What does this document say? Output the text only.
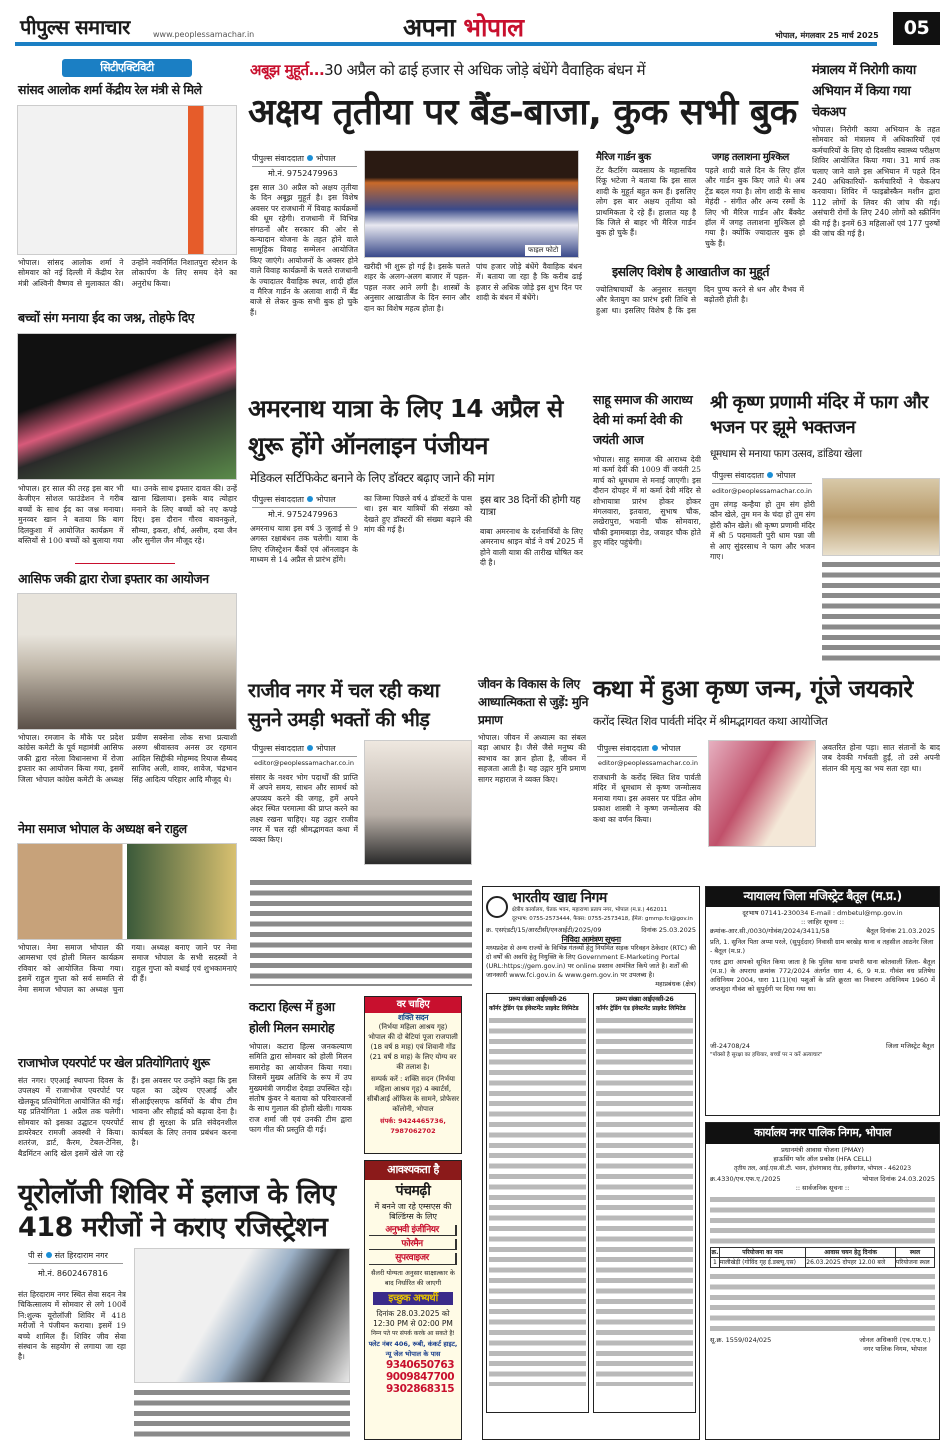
पीपुल्स समाचार	www.peoplessamachar.in	अपना भोपाल	भोपाल, मंगलवार 25 मार्च 2025	05
सिटीएक्टिविटी
सांसद आलोक शर्मा केंद्रीय रेल मंत्री से मिले
भोपाल। सांसद आलोक शर्मा ने सोमवार को नई दिल्ली में केंद्रीय रेल मंत्री अश्विनी वैष्णव से मुलाकात की। उन्होंने नवनिर्मित निशातपुरा स्टेशन के लोकार्पण के लिए समय देने का अनुरोध किया।
बच्चों संग मनाया ईद का जश्न, तोहफे दिए
भोपाल। हर साल की तरह इस बार भी केजीएन सोशल फाउंडेशन ने गरीब बच्चों के साथ ईद का जश्न मनाया। मुनव्वर खान ने बताया कि बाग दिलकुशा में आयोजित कार्यक्रम में बस्तियों से 100 बच्चों को बुलाया गया था। उनके साथ इफ्तार दावत की। उन्हें खाना खिलाया। इसके बाद त्योहार मनाने के लिए बच्चों को नए कपड़े दिए। इस दौरान गौरव बावनकुले, सौम्या, इकरा, शौर्य, असीम, दया जैन और सुनील जैन मौजूद रहे।
आसिफ जकी द्वारा रोजा इफ्तार का आयोजन
भोपाल। रमजान के मौके पर प्रदेश कांग्रेस कमेटी के पूर्व महामंत्री आसिफ जकी द्वारा नरेला विधानसभा में रोजा इफ्तार का आयोजन किया गया, इसमें जिला भोपाल कांग्रेस कमेटी के अध्यक्ष प्रवीण सक्सेना लोक सभा प्रत्याशी अरुण श्रीवास्तव अनस उर रहमान आदिल सिद्दीकी मोहम्मद रियाज सैय्यद साजिद अली, शावर, शावेज, चंद्रभान सिंह आदित्य परिहार आदि मौजूद थे।
नेमा समाज भोपाल के अध्यक्ष बने राहुल
भोपाल। नेमा समाज भोपाल की आमसभा एवं होली मिलन कार्यक्रम रविवार को आयोजित किया गया। इसमें राहुल गुप्ता को सर्व सम्मति से नेमा समाज भोपाल का अध्यक्ष चुना गया। अध्यक्ष बनाए जाने पर नेमा समाज भोपाल के सभी सदस्यों ने राहुल गुप्ता को बधाई एवं शुभकामनाएं दी हैं।
राजाभोज एयरपोर्ट पर खेल प्रतियोगिताएं शुरू
संत नगर। एएआई स्थापना दिवस के उपलक्ष्य में राजाभोज एयरपोर्ट पर खेलकूद प्रतियोगिता आयोजित की गई। यह प्रतियोगिता 1 अप्रैल तक चलेगी। सोमवार को इसका उद्घाटन एयरपोर्ट डायरेक्टर रामजी अवस्थी ने किया। शतरंज, डार्ट, कैरम, टेबल-टेनिस, बैडमिंटन आदि खेल इसमें खेले जा रहे हैं। इस अवसर पर उन्होंने कहा कि इस पहल का उद्देश्य एएआई और सीआईएसएफ कर्मियों के बीच टीम भावना और सौहार्द्र को बढ़ावा देना है। साथ ही सुरक्षा के प्रति संवेदनशील कार्यबल के लिए तनाव प्रबंधन करना है।
यूरोलॉजी शिविर में इलाज के लिए 418 मरीजों ने कराए रजिस्ट्रेशन
पी सं संत हिरदाराम नगर
मो.नं. 8602467816
संत हिरदाराम नगर स्थित सेवा सदन नेत्र चिकित्सालय में सोमवार से लगे 100वें नि:शुल्क यूरोलॉजी शिविर में 418 मरीजों ने पंजीयन कराया। इसमें 19 बच्चे शामिल हैं। शिविर जीव सेवा संस्थान के सहयोग से लगाया जा रहा है।
कटारा हिल्स में हुआ होली मिलन समारोह
भोपाल। कटारा हिल्स जनकल्याण समिति द्वारा सोमवार को होली मिलन समारोह का आयोजन किया गया। जिसमें मुख्य अतिथि के रूप में उप मुख्यमंत्री जगदीश देवड़ा उपस्थित रहे। संतोष कुंवर ने बताया को परिवारजनों के साथ गुलाल की होली खेली। गायक राज शर्मा जी एवं उनकी टीम द्वारा फाग गीत की प्रस्तुति दी गई।
वर चाहिए
शक्ति सदन
(निर्भया महिला आश्रय गृह)
भोपाल की दो बेटियां पूजा राजपाली (18 वर्ष 8 माह) एवं शिवानी गोंड (21 वर्ष 8 माह) के लिए योग्य वर की तलाश है।
सम्पर्क करें : शक्ति सदन (निर्भया महिला आश्रय गृह) 4 क्वार्टर्स, सीबीआई ऑफिस के सामने, प्रोफेसर कॉलोनी, भोपाल
संपर्क: 9424465736, 7987062702
आवश्यकता है
पंचमढ़ी
में बनने जा रहे एम्सएस की बिल्डिंग्स के लिए
अनुभवी इंजीनियर
फोरमैन
सुपरवाइजर
सैलरी योग्यता अनुसार साक्षात्कार के बाद निर्धारित की जाएगी
इच्छुक अभ्यर्थी
दिनांक 28.03.2025 को
12:30 PM से 02:00 PM
निम्न पते पर संपर्क करके आ सकते है!
फ्लेट नंबर 406, रूबी, कंकर्ट हाइट, न्यू जेल भोपाल के पास
9340650763
9009847700
9302868315
अबूझ मुहूर्त...30 अप्रैल को ढाई हजार से अधिक जोड़े बंधेंगे वैवाहिक बंधन में
अक्षय तृतीया पर बैंड-बाजा, कुक सभी बुक
पीपुल्स संवाददाता भोपाल
मो.नं. 9752479963
इस साल 30 अप्रैल को अक्षय तृतीया के दिन अबूझ मुहूर्त है। इस विशेष अवसर पर राजधानी में विवाह कार्यक्रमों की धूम रहेगी। राजधानी में विभिन्न संगठनों और सरकार की ओर से कन्यादान योजना के तहत होने वाले सामूहिक विवाह सम्मेलन आयोजित किए जाएंगे। आयोजनों के अवसर होने वाले विवाह कार्यक्रमों के चलते राजधानी के ज्यादातर वैवाहिक स्थल, शादी हॉल व मैरिज गार्डन के अलावा शादी में बैंड बाजे से लेकर कुक सभी बुक हो चुके हैं।
फाइल फोटो
खरीदी भी शुरू हो गई है। इसके चलते शहर के अलग-अलग बाजार में पहल-पहल नजर आने लगी है। शास्त्रों के अनुसार आखातीज के दिन स्नान और दान का विशेष महत्व होता है।
पांच हजार जोड़े बंधेंगे वैवाहिक बंधन में। बताया जा रहा है कि करीब ढाई हजार से अधिक जोड़े इस शुभ दिन पर शादी के बंधन में बंधेंगे।
मैरिज गार्डन बुक
टेंट कैटरिंग व्यवसाय के महासचिव रिंकू भटेजा ने बताया कि इस साल शादी के मुहूर्त बहुत कम हैं। इसलिए लोग इस बार अक्षय तृतीया को प्राथमिकता दे रहे हैं। हालात यह है कि जिले से बाहर भी मैरिज गार्डन बुक हो चुके हैं।
जगह तलाशना मुश्किल
पहले शादी वाले दिन के लिए हॉल और गार्डन बुक किए जाते थे। अब ट्रेंड बदल गया है। लोग शादी के साथ मेहंदी - संगीत और अन्य रस्मों के लिए भी मैरिज गार्डन और बैंक्वेट हॉल में जगह तलाशना मुश्किल हो गया है। क्योंकि ज्यादातर बुक हो चुके हैं।
इसलिए विशेष है आखातीज का मुहूर्त
ज्योतिषाचार्यों के अनुसार सतयुग और त्रेतायुग का प्रारंभ इसी तिथि से हुआ था। इसलिए विशेष है कि इस दिन पुण्य करने से धन और वैभव में बढ़ोतरी होती है।
मंत्रालय में निरोगी काया अभियान में किया गया चेकअप
भोपाल। निरोगी काया अभियान के तहत सोमवार को मंत्रालय में अधिकारियों एवं कर्मचारियों के लिए दो दिवसीय स्वास्थ्य परीक्षण शिविर आयोजित किया गया। 31 मार्च तक चलाए जाने वाले इस अभियान में पहले दिन 240 अधिकारियों- कर्मचारियों ने चेकअप करवाया। शिविर में फाइब्रोस्कैन मशीन द्वारा 112 लोगों के लिवर की जांच की गई। असंचारी रोगों के लिए 240 लोगों को स्क्रीनिंग की गई है। इनमें 63 महिलाओं एवं 177 पुरुषों की जांच की गई है।
अमरनाथ यात्रा के लिए 14 अप्रैल से शुरू होंगे ऑनलाइन पंजीयन
मेडिकल सर्टिफिकेट बनाने के लिए डॉक्टर बढ़ाए जाने की मांग
पीपुल्स संवाददाता भोपाल
मो.नं. 9752479963
अमरनाथ यात्रा इस वर्ष 3 जुलाई से 9 अगस्त रक्षाबंधन तक चलेगी। यात्रा के लिए रजिस्ट्रेशन बैंकों एवं ऑनलाइन के माध्यम से 14 अप्रैल से प्रारंभ होंगे।
का जिम्मा पिछले वर्ष 4 डॉक्टरों के पास था। इस बार यात्रियों की संख्या को देखते हुए डॉक्टरों की संख्या बढ़ाने की मांग की गई है।
इस बार 38 दिनों की होगी यह यात्रा
बाबा अमरनाथ के दर्शनार्थियों के लिए अमरनाथ श्राइन बोर्ड ने वर्ष 2025 में होने वाली यात्रा की तारीख घोषित कर दी है।
साहू समाज की आराध्य देवी मां कर्मा देवी की जयंती आज
भोपाल। साहू समाज की आराध्य देवी मां कर्मा देवी की 1009 वीं जयंती 25 मार्च को धूमधाम से मनाई जाएगी। इस दौरान दोपहर में मां कर्मा देवी मंदिर से शोभायात्रा प्रारंभ होकर होकर मंगलवारा, इतवारा, सुभाष चौक, लखेरापुरा, भवानी चौक सोमवारा, चौकी इमामबाड़ा रोड, जवाहर चौक होते हुए मंदिर पहुंचेगी।
श्री कृष्ण प्रणामी मंदिर में फाग और भजन पर झूमे भक्तजन
धूमधाम से मनाया फाग उत्सव, डांडिया खेला
पीपुल्स संवाददाता भोपाल
editor@peoplessamachar.co.in
तुम लंगड़ कन्हैया हो तुम संग होरी कौन खेले, तुम मन के चंदा हो तुम संग होरी कौन खेले। श्री कृष्ण प्रणामी मंदिर में श्री 5 पदमावती पुरी धाम पन्ना जी से आए सुंदरसाथ ने फाग और भजन गाए।
राजीव नगर में चल रही कथा सुनने उमड़ी भक्तों की भीड़
पीपुल्स संवाददाता भोपाल
editor@peoplessamachar.co.in
संसार के नश्वर भोग पदार्थों की प्राप्ति में अपने समय, साधन और सामर्थ को अपव्यय करने की जगह, हमें अपने अंदर स्थित परमात्मा की प्राप्त करने का लक्ष्य रखना चाहिए। यह उद्गार राजीव नगर में चल रही श्रीमद्भागवत कथा में व्यक्त किए।
जीवन के विकास के लिए आध्यात्मिकता से जुड़ें: मुनि प्रमाण
भोपाल। जीवन में अध्यात्म का संबल बड़ा आधार है। जैसे जैसे मनुष्य की स्वभाव का ज्ञान होता है, जीवन में सहजता आती है। यह उद्गार मुनि प्रमाण सागर महाराज ने व्यक्त किए।
कथा में हुआ कृष्ण जन्म, गूंजे जयकारे
करोंद स्थित शिव पार्वती मंदिर में श्रीमद्भागवत कथा आयोजित
पीपुल्स संवाददाता भोपाल
editor@peoplessamachar.co.in
राजधानी के करोंद स्थित शिव पार्वती मंदिर में धूमधाम से कृष्ण जन्मोत्सव मनाया गया। इस अवसर पर पंडित ओम प्रकाश शास्त्री ने कृष्ण जन्मोत्सव की कथा का वर्णन किया।
अवतरित होना पड़ा। सात संतानों के बाद जब देवकी गर्भवती हुईं, तो उसे अपनी संतान की मृत्यु का भय सता रहा था।
भारतीय खाद्य निगम
क्षेत्रीय कार्यालय, चेतक भवन, महाराणा प्रताप नगर, भोपाल (म.प्र.) 462011
दूरभाष: 0755-2573444, फैक्स: 0755-2573418, ईमेल: gmmp.fci@gov.in
क्र. एसएंडटी/15/आरटीसी/एनआईटी/2025/09	दिनांक 25.03.2025
निविदा आमंत्रण सूचना
मध्यप्रदेश से अन्य राज्यों के विभिन्न गंतव्यों हेतु नियमित सड़क परिवहन ठेकेदार (RTC) की दो वर्षों की अवधि हेतु नियुक्ति के लिए Government E-Marketing Portal (URL:https://gem.gov.in) पर online प्रस्ताव आमंत्रित किये जाते है। शर्तों की जानकारी www.fci.gov.in & www.gem.gov.in पर उपलब्ध है।
महाप्रबंधक (क्षेत्र)
प्ररूप संख्या आईएनसी-26
कॉर्नर ट्रेडिंग एंड इंवेस्टमेंट प्राइवेट लिमिटेड
प्ररूप संख्या आईएनसी-26
कॉर्नर ट्रेडिंग एंड इंवेस्टमेंट प्राइवेट लिमिटेड
न्यायालय जिला मजिस्ट्रेट बैतूल (म.प्र.)
दूरभाष 07141-230034 E-mail : dmbetul@mp.gov.in
:: जाहिर सूचना ::
क्रमांक-आर.सी./0030/गोवंश/2024/3411/58	बैतूल दिनांक 21.03.2025
प्रति, 1. सुनिल पिता अप्पा परले, (सुपुर्ददार) निवासी ग्राम बरखेड़ थाना व तहसील आठनेर जिला - बैतूल (म.प्र.)
एतद द्वारा आपको सूचित किया जाता है कि पुलिस थाना प्रभारी थाना कोतवाली जिला- बैतूल (म.प्र.) के अपराध क्रमांक 772/2024 अंतर्गत धारा 4, 6, 9 म.प्र. गौवंश वध प्रतिषेध अधिनियम 2004, धारा 11(1)(घ) पशुओं के प्रति क्रूरता का निवारण अधिनियम 1960 में जप्तशुदा गौवंश को सुपुर्दगी पर दिया गया था।
जी-24708/24
"पॉक्सो है सुरक्षा का हथियार, बच्चों पर न करें अत्याचार"
जिला मजिस्ट्रेट बैतूल
कार्यालय नगर पालिक निगम, भोपाल
प्रधानमंत्री आवास योजना (PMAY)
हाऊसिंग फॉर ऑल प्रकोष्ठ (HFA CELL)
तृतीय तल, आई.एस.बी.टी. भवन, होशंगाबाद रोड, हबीबगंज, भोपाल - 462023
क्र.4330/एच.एफ.ए./2025	भोपाल दिनांक 24.03.2025
:: सार्वजनिक सूचना ::
क्र.	परियोजना का नाम	आवास चयन हेतु दिनांक	स्थल
1	मालीखेड़ी (गोविंद गृह ई.डब्ल्यू.एस)	26.03.2025 दोपहर 12.00 बजे	परियोजना स्थल
सू.क्र. 1559/024/025	जोनल अधिकारी (एच.एफ.ए.) नगर पालिक निगम, भोपाल
